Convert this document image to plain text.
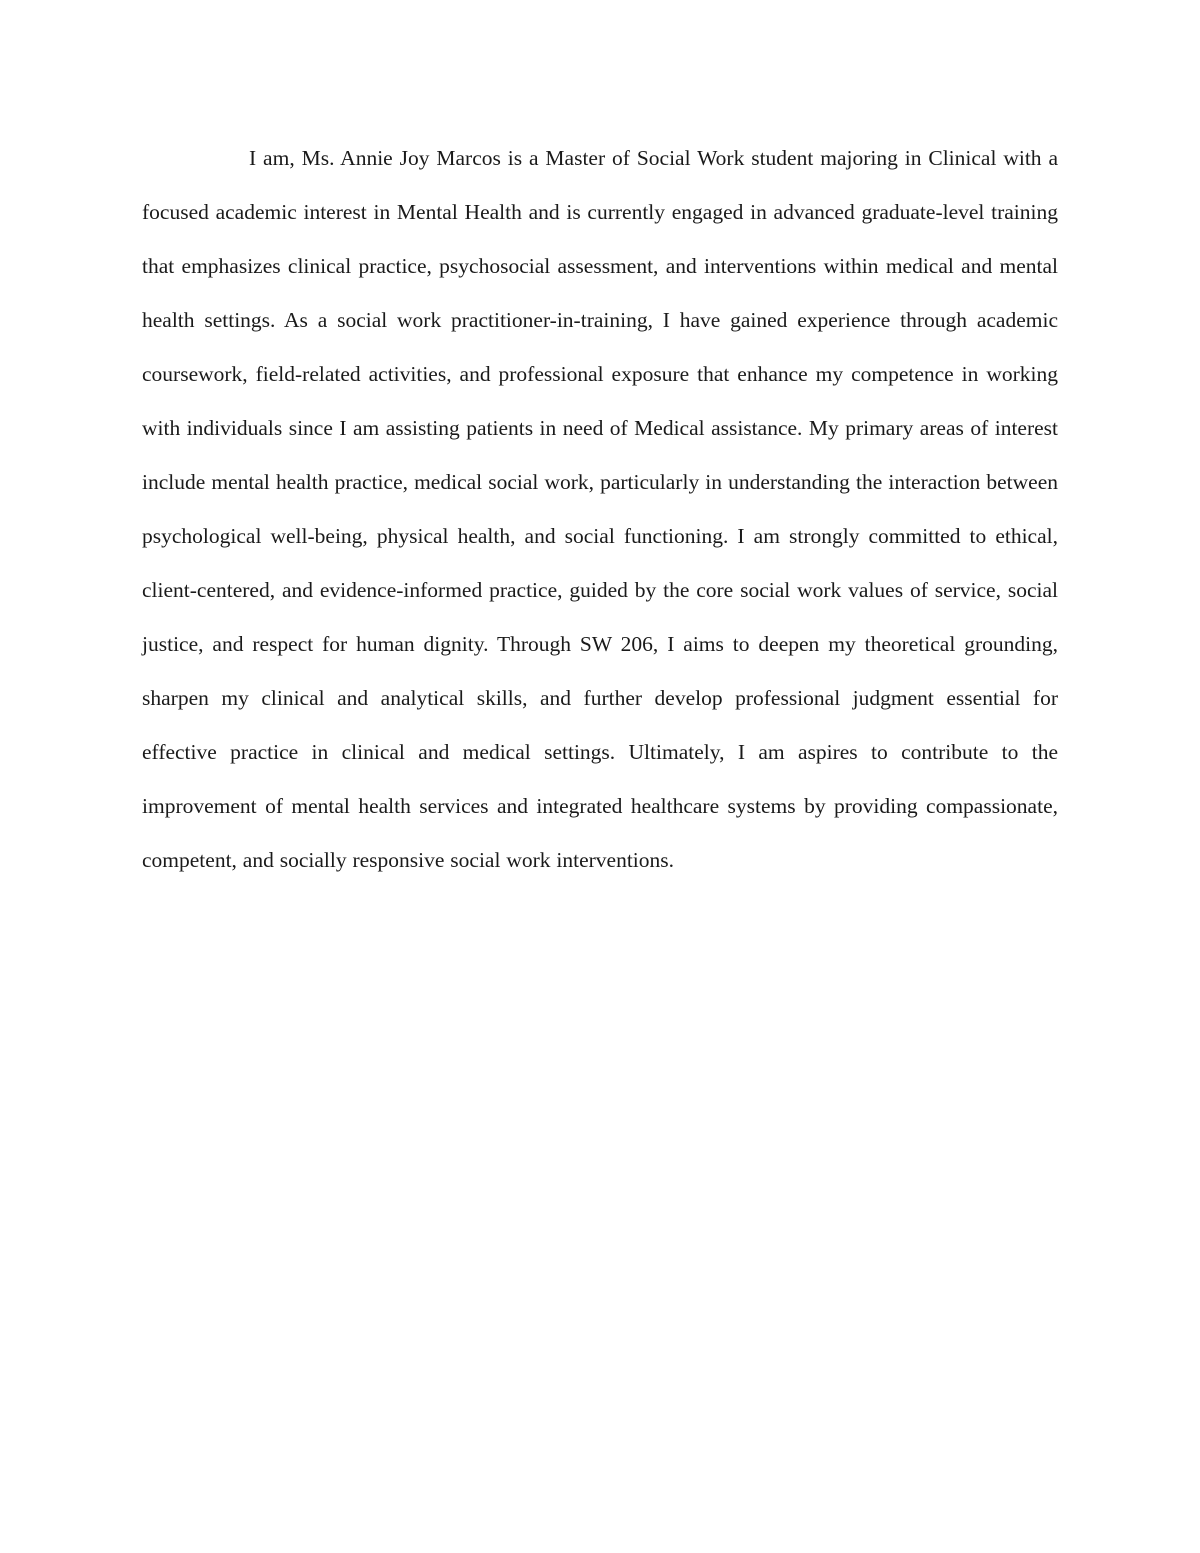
I am, Ms. Annie Joy Marcos is a Master of Social Work student majoring in Clinical with a focused academic interest in Mental Health and is currently engaged in advanced graduate-level training that emphasizes clinical practice, psychosocial assessment, and interventions within medical and mental health settings. As a social work practitioner-in-training, I have gained experience through academic coursework, field-related activities, and professional exposure that enhance my competence in working with individuals since I am assisting patients in need of Medical assistance. My primary areas of interest include mental health practice, medical social work, particularly in understanding the interaction between psychological well-being, physical health, and social functioning. I am strongly committed to ethical, client-centered, and evidence-informed practice, guided by the core social work values of service, social justice, and respect for human dignity. Through SW 206, I aims to deepen my theoretical grounding, sharpen my clinical and analytical skills, and further develop professional judgment essential for effective practice in clinical and medical settings. Ultimately, I am aspires to contribute to the improvement of mental health services and integrated healthcare systems by providing compassionate, competent, and socially responsive social work interventions.
